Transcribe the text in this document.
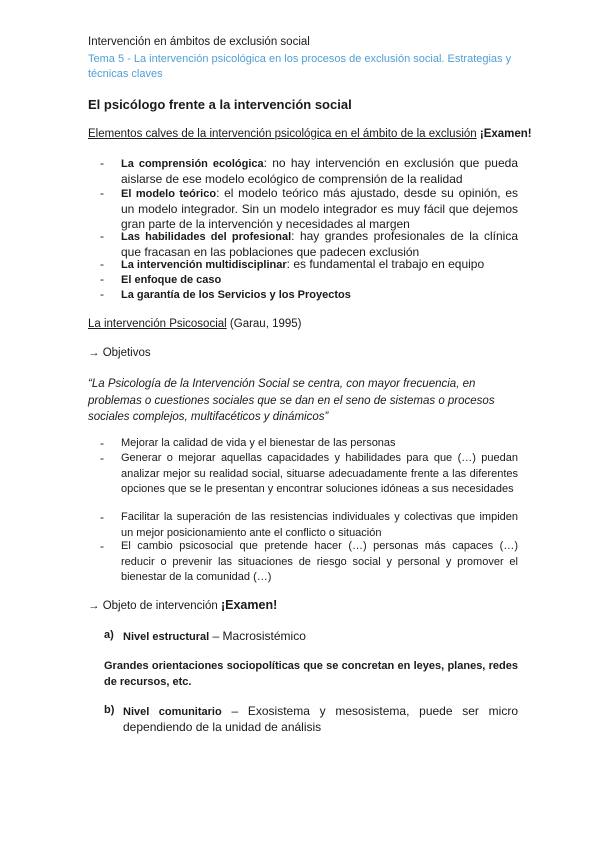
Intervención en ámbitos de exclusión social
Tema 5 - La intervención psicológica en los procesos de exclusión social. Estrategias y técnicas claves
El psicólogo frente a la intervención social
Elementos calves de la intervención psicológica en el ámbito de la exclusión ¡Examen!
-	La comprensión ecológica: no hay intervención en exclusión que pueda aislarse de ese modelo ecológico de comprensión de la realidad
-	El modelo teórico: el modelo teórico más ajustado, desde su opinión, es un modelo integrador. Sin un modelo integrador es muy fácil que dejemos gran parte de la intervención y necesidades al margen
-	Las habilidades del profesional: hay grandes profesionales de la clínica que fracasan en las poblaciones que padecen exclusión
-	La intervención multidisciplinar: es fundamental el trabajo en equipo
-	El enfoque de caso
-	La garantía de los Servicios y los Proyectos
La intervención Psicosocial (Garau, 1995)
→ Objetivos
“La Psicología de la Intervención Social se centra, con mayor frecuencia, en problemas o cuestiones sociales que se dan en el seno de sistemas o procesos sociales complejos, multifacéticos y dinámicos”
-	Mejorar la calidad de vida y el bienestar de las personas
-	Generar o mejorar aquellas capacidades y habilidades para que (…) puedan analizar mejor su realidad social, situarse adecuadamente frente a las diferentes opciones que se le presentan y encontrar soluciones idóneas a sus necesidades
-	Facilitar la superación de las resistencias individuales y colectivas que impiden un mejor posicionamiento ante el conflicto o situación
-	El cambio psicosocial que pretende hacer (…) personas más capaces (…) reducir o prevenir las situaciones de riesgo social y personal y promover el bienestar de la comunidad (…)
→ Objeto de intervención ¡Examen!
a) Nivel estructural – Macrosistémico
Grandes orientaciones sociopolíticas que se concretan en leyes, planes, redes de recursos, etc.
b) Nivel comunitario – Exosistema y mesosistema, puede ser micro dependiendo de la unidad de análisis
